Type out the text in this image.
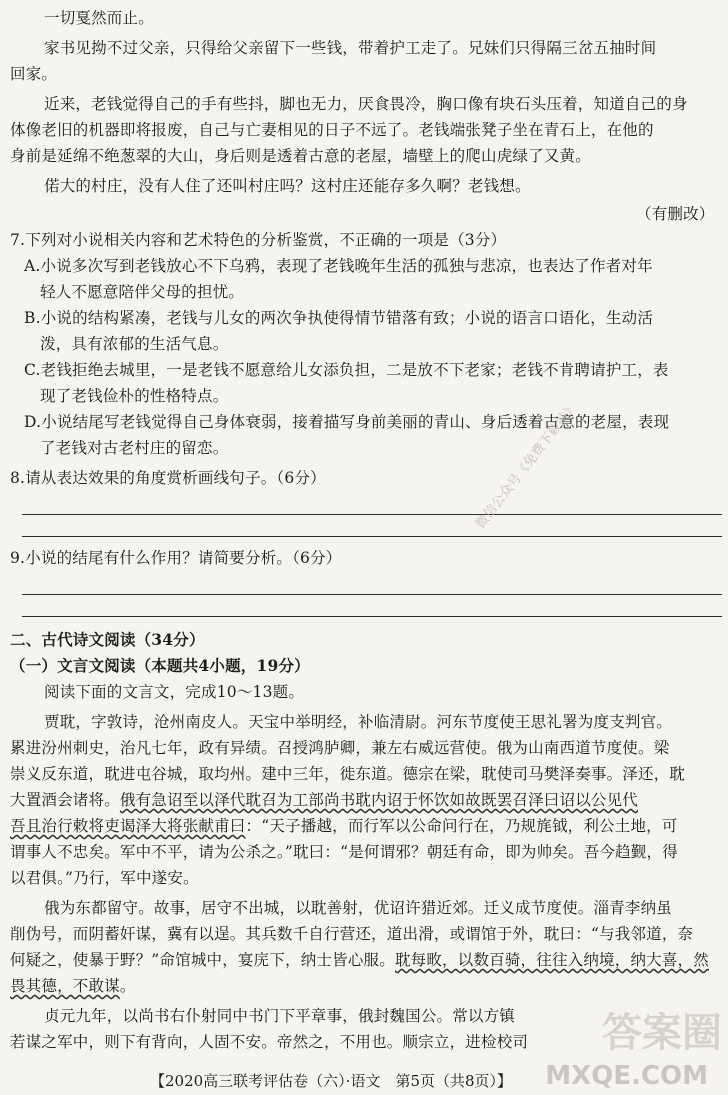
一切戛然而止。
家书见拗不过父亲，只得给父亲留下一些钱，带着护工走了。兄妹们只得隔三岔五抽时间
回家。
近来，老钱觉得自己的手有些抖，脚也无力，厌食畏冷，胸口像有块石头压着，知道自己的身
体像老旧的机器即将报废，自己与亡妻相见的日子不远了。老钱端张凳子坐在青石上，在他的
身前是延绵不绝葱翠的大山，身后则是透着古意的老屋，墙壁上的爬山虎绿了又黄。
偌大的村庄，没有人住了还叫村庄吗？这村庄还能存多久啊？老钱想。
（有删改）
7.下列对小说相关内容和艺术特色的分析鉴赏，不正确的一项是（3分）
A.小说多次写到老钱放心不下乌鸦，表现了老钱晚年生活的孤独与悲凉，也表达了作者对年
轻人不愿意陪伴父母的担忧。
B.小说的结构紧凑，老钱与儿女的两次争执使得情节错落有致；小说的语言口语化，生动活
泼，具有浓郁的生活气息。
C.老钱拒绝去城里，一是老钱不愿意给儿女添负担，二是放不下老家；老钱不肯聘请护工，表
现了老钱俭朴的性格特点。
D.小说结尾写老钱觉得自己身体衰弱，接着描写身前美丽的青山、身后透着古意的老屋，表现
了老钱对古老村庄的留恋。
8.请从表达效果的角度赏析画线句子。（6分）
9.小说的结尾有什么作用？请简要分析。（6分）
二、古代诗文阅读（34分）
（一）文言文阅读（本题共4小题，19分）
阅读下面的文言文，完成10～13题。
贾耽，字敦诗，沧州南皮人。天宝中举明经，补临清尉。河东节度使王思礼署为度支判官。
累进汾州刺史，治凡七年，政有异绩。召授鸿胪卿，兼左右威远营使。俄为山南西道节度使。梁
崇义反东道，耽进屯谷城，取均州。建中三年，徙东道。德宗在梁，耽使司马樊泽奏事。泽还，耽
大置酒会诸将。俄有急诏至以泽代耽召为工部尚书耽内诏于怀饮如故既罢召泽曰诏以公见代
吾且治行敕将吏谒泽大将张献甫曰：“天子播越，而行军以公命问行在，乃规旄钺，利公土地，可
谓事人不忠矣。军中不平，请为公杀之。”耽曰：“是何谓邪？朝廷有命，即为帅矣。吾今趋觐，得
以君俱。”乃行，军中遂安。
俄为东都留守。故事，居守不出城，以耽善射，优诏许猎近郊。迁义成节度使。淄青李纳虽
削伪号，而阴蓄奸谋，冀有以逞。其兵数千自行营还，道出滑，或谓馆于外，耽曰：“与我邻道，奈
何疑之，使暴于野？”命馆城中，宴庑下，纳士皆心服。耽每畋，以数百骑，往往入纳境，纳大喜，然
畏其德，不敢谋。
贞元九年，以尚书右仆射同中书门下平章事，俄封魏国公。常以方镇
若谋之军中，则下有背向，人固不安。帝然之，不用也。顺宗立，进检校司
微信公众号《免费下载站》
答案圈
MXQE.COM
【2020高三联考评估卷（六）·语文　第5页（共8页）】
